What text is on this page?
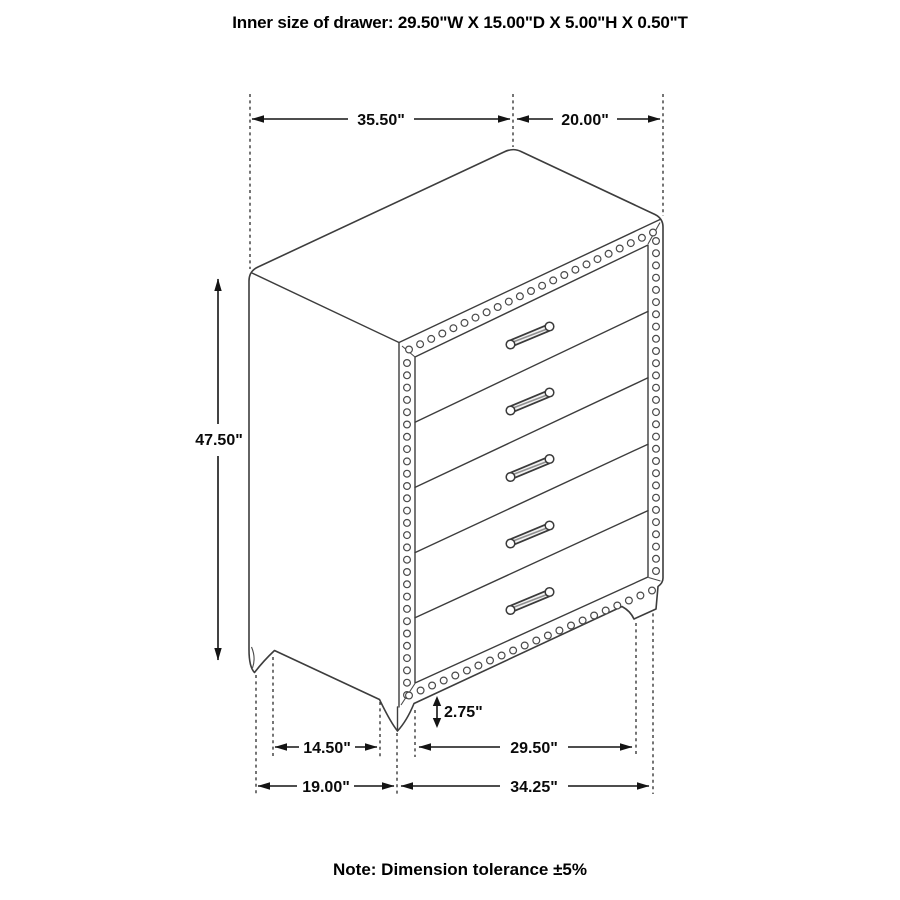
Inner size of drawer: 29.50"W X 15.00"D X 5.00"H X 0.50"T
35.50"	20.00"
47.50"
2.75"
14.50"	29.50"
19.00"	34.25"
Note: Dimension tolerance ±5%
